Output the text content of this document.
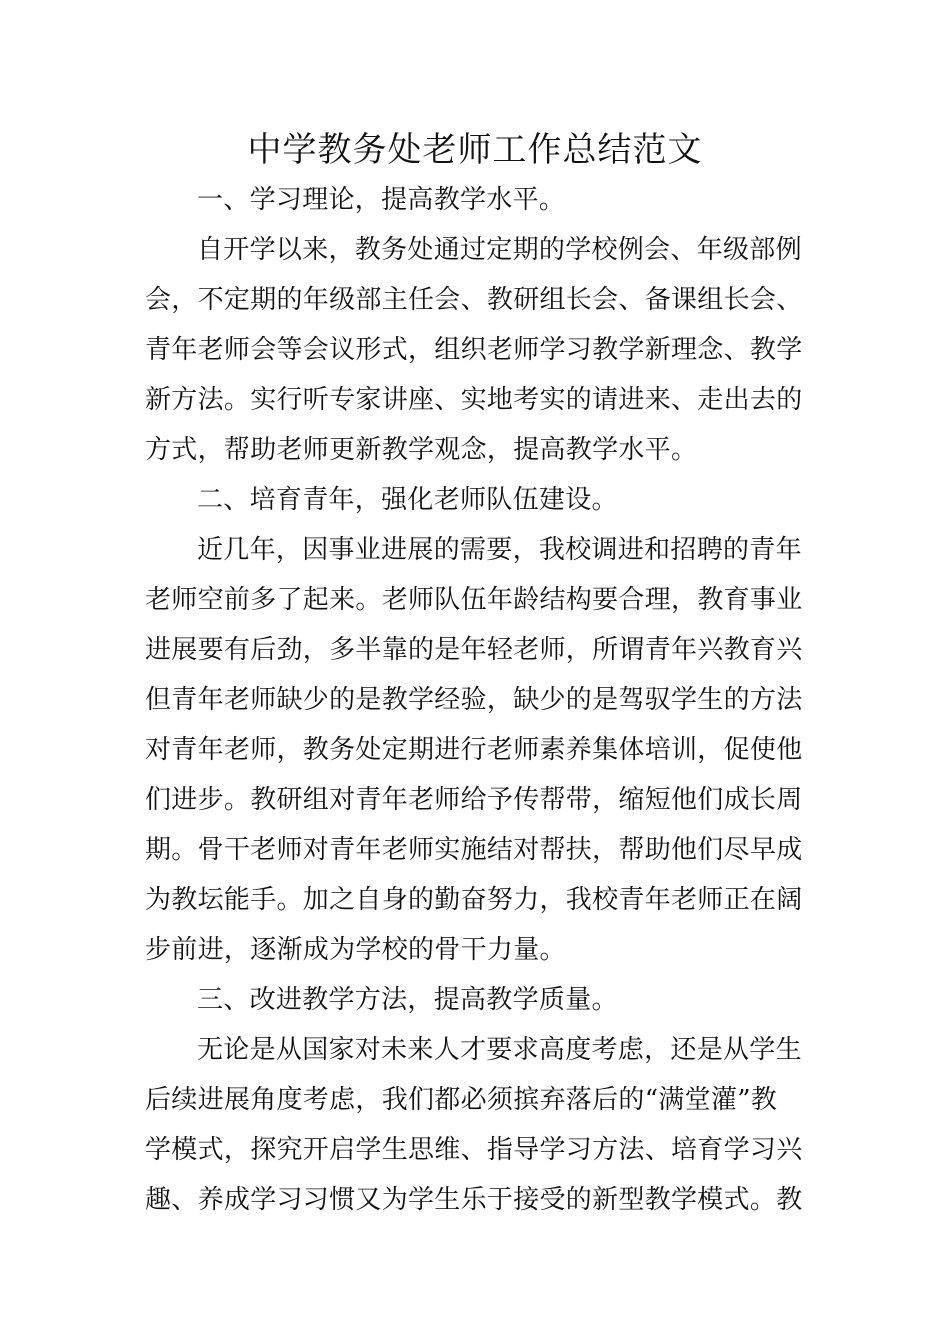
中学教务处老师工作总结范文
一、学习理论，提高教学水平。
自开学以来，教务处通过定期的学校例会、年级部例
会，不定期的年级部主任会、教研组长会、备课组长会、
青年老师会等会议形式，组织老师学习教学新理念、教学
新方法。实行听专家讲座、实地考实的请进来、走出去的
方式，帮助老师更新教学观念，提高教学水平。
二、培育青年，强化老师队伍建设。
近几年，因事业进展的需要，我校调进和招聘的青年
老师空前多了起来。老师队伍年龄结构要合理，教育事业
进展要有后劲，多半靠的是年轻老师，所谓青年兴教育兴
但青年老师缺少的是教学经验，缺少的是驾驭学生的方法
对青年老师，教务处定期进行老师素养集体培训，促使他
们进步。教研组对青年老师给予传帮带，缩短他们成长周
期。骨干老师对青年老师实施结对帮扶，帮助他们尽早成
为教坛能手。加之自身的勤奋努力，我校青年老师正在阔
步前进，逐渐成为学校的骨干力量。
三、改进教学方法，提高教学质量。
无论是从国家对未来人才要求高度考虑，还是从学生
后续进展角度考虑，我们都必须摈弃落后的“满堂灌”教
学模式，探究开启学生思维、指导学习方法、培育学习兴
趣、养成学习习惯又为学生乐于接受的新型教学模式。教
